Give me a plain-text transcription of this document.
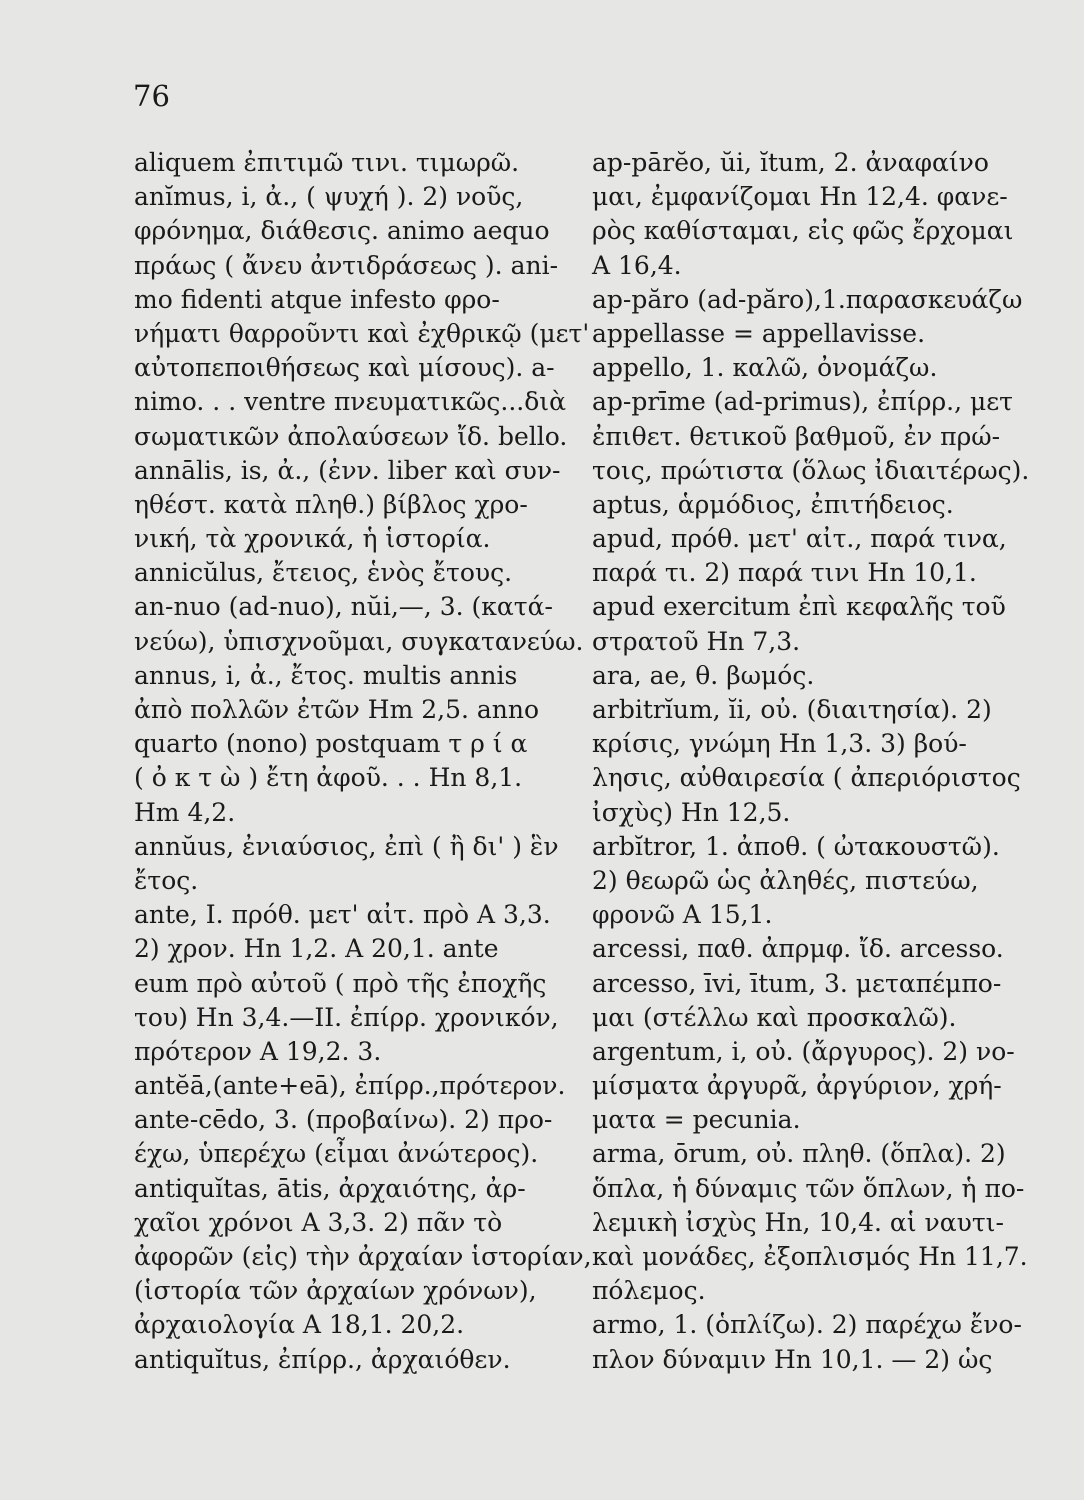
76
aliquem ἐπιτιμῶ τινι. τιμωρῶ.
anĭmus, i, ἀ., ( ψυχή ). 2) νοῦς,
φρόνημα, διάθεσις. animo aequo
πράως ( ἄνευ ἀντιδράσεως ). ani-
mo fidenti atque infesto φρο-
νήματι θαρροῦντι καὶ ἐχθρικῷ (μετ'
αὐτοπεποιθήσεως καὶ μίσους). a-
nimo. . . ventre πνευματικῶς...διὰ
σωματικῶν ἀπολαύσεων ἴδ. bello.
annālis, is, ἀ., (ἐνν. liber καὶ συν-
ηθέστ. κατὰ πληθ.) βίβλος χρο-
νική, τὰ χρονικά, ἡ ἱστορία.
annicŭlus, ἔτειος, ἑνὸς ἔτους.
an-nuo (ad-nuo), nŭi,—, 3. (κατά-
νεύω), ὑπισχνοῦμαι, συγκατανεύω.
annus, i, ἀ., ἔτος. multis annis
ἀπὸ πολλῶν ἐτῶν Hm 2,5. anno
quarto (nono) postquam τ ρ ί α
( ὀ κ τ ὼ ) ἔτη ἀφοῦ. . . Hn 8,1.
Hm 4,2.
annŭus, ἐνιαύσιος, ἐπὶ ( ἢ δι' ) ἓν
ἔτος.
ante, I. πρόθ. μετ' αἰτ. πρὸ A 3,3.
2) χρον. Hn 1,2. A 20,1. ante
eum πρὸ αὐτοῦ ( πρὸ τῆς ἐποχῆς
του) Hn 3,4.—II. ἐπίρρ. χρονικόν,
πρότερον A 19,2. 3.
antĕā,(ante+eā), ἐπίρρ.,πρότερον.
ante-cēdo, 3. (προβαίνω). 2) προ-
έχω, ὑπερέχω (εἶμαι ἀνώτερος).
antiquĭtas, ātis, ἀρχαιότης, ἀρ-
χαῖοι χρόνοι A 3,3. 2) πᾶν τὸ
ἀφορῶν (εἰς) τὴν ἀρχαίαν ἱστορίαν,
(ἱστορία τῶν ἀρχαίων χρόνων),
ἀρχαιολογία A 18,1. 20,2.
antiquĭtus, ἐπίρρ., ἀρχαιόθεν.
ap-pārĕo, ŭi, ĭtum, 2. ἀναφαίνο
μαι, ἐμφανίζομαι Hn 12,4. φανε-
ρὸς καθίσταμαι, εἰς φῶς ἔρχομαι
A 16,4.
ap-păro (ad-păro),1.παρασκευάζω
appellasse = appellavisse.
appello, 1. καλῶ, ὀνομάζω.
ap-prīme (ad-primus), ἐπίρρ., μετ
ἐπιθετ. θετικοῦ βαθμοῦ, ἐν πρώ-
τοις, πρώτιστα (ὅλως ἰδιαιτέρως).
aptus, ἁρμόδιος, ἐπιτήδειος.
apud, πρόθ. μετ' αἰτ., παρά τινα,
παρά τι. 2) παρά τινι Hn 10,1.
apud exercitum ἐπὶ κεφαλῆς τοῦ
στρατοῦ Hn 7,3.
ara, ae, θ. βωμός.
arbitrĭum, ĭi, οὐ. (διαιτησία). 2)
κρίσις, γνώμη Hn 1,3. 3) βού-
λησις, αὐθαιρεσία ( ἀπεριόριστος
ἰσχὺς) Hn 12,5.
arbĭtror, 1. ἀποθ. ( ὠτακουστῶ).
2) θεωρῶ ὡς ἀληθές, πιστεύω,
φρονῶ A 15,1.
arcessi, παθ. ἀπρμφ. ἴδ. arcesso.
arcesso, īvi, ītum, 3. μεταπέμπο-
μαι (στέλλω καὶ προσκαλῶ).
argentum, i, οὐ. (ἄργυρος). 2) νο-
μίσματα ἀργυρᾶ, ἀργύριον, χρή-
ματα = pecunia.
arma, ōrum, οὐ. πληθ. (ὅπλα). 2)
ὅπλα, ἡ δύναμις τῶν ὅπλων, ἡ πο-
λεμικὴ ἰσχὺς Hn, 10,4. αἱ ναυτι-
καὶ μονάδες, ἐξοπλισμός Hn 11,7.
πόλεμος.
armo, 1. (ὁπλίζω). 2) παρέχω ἔνο-
πλον δύναμιν Hn 10,1. — 2) ὡς
